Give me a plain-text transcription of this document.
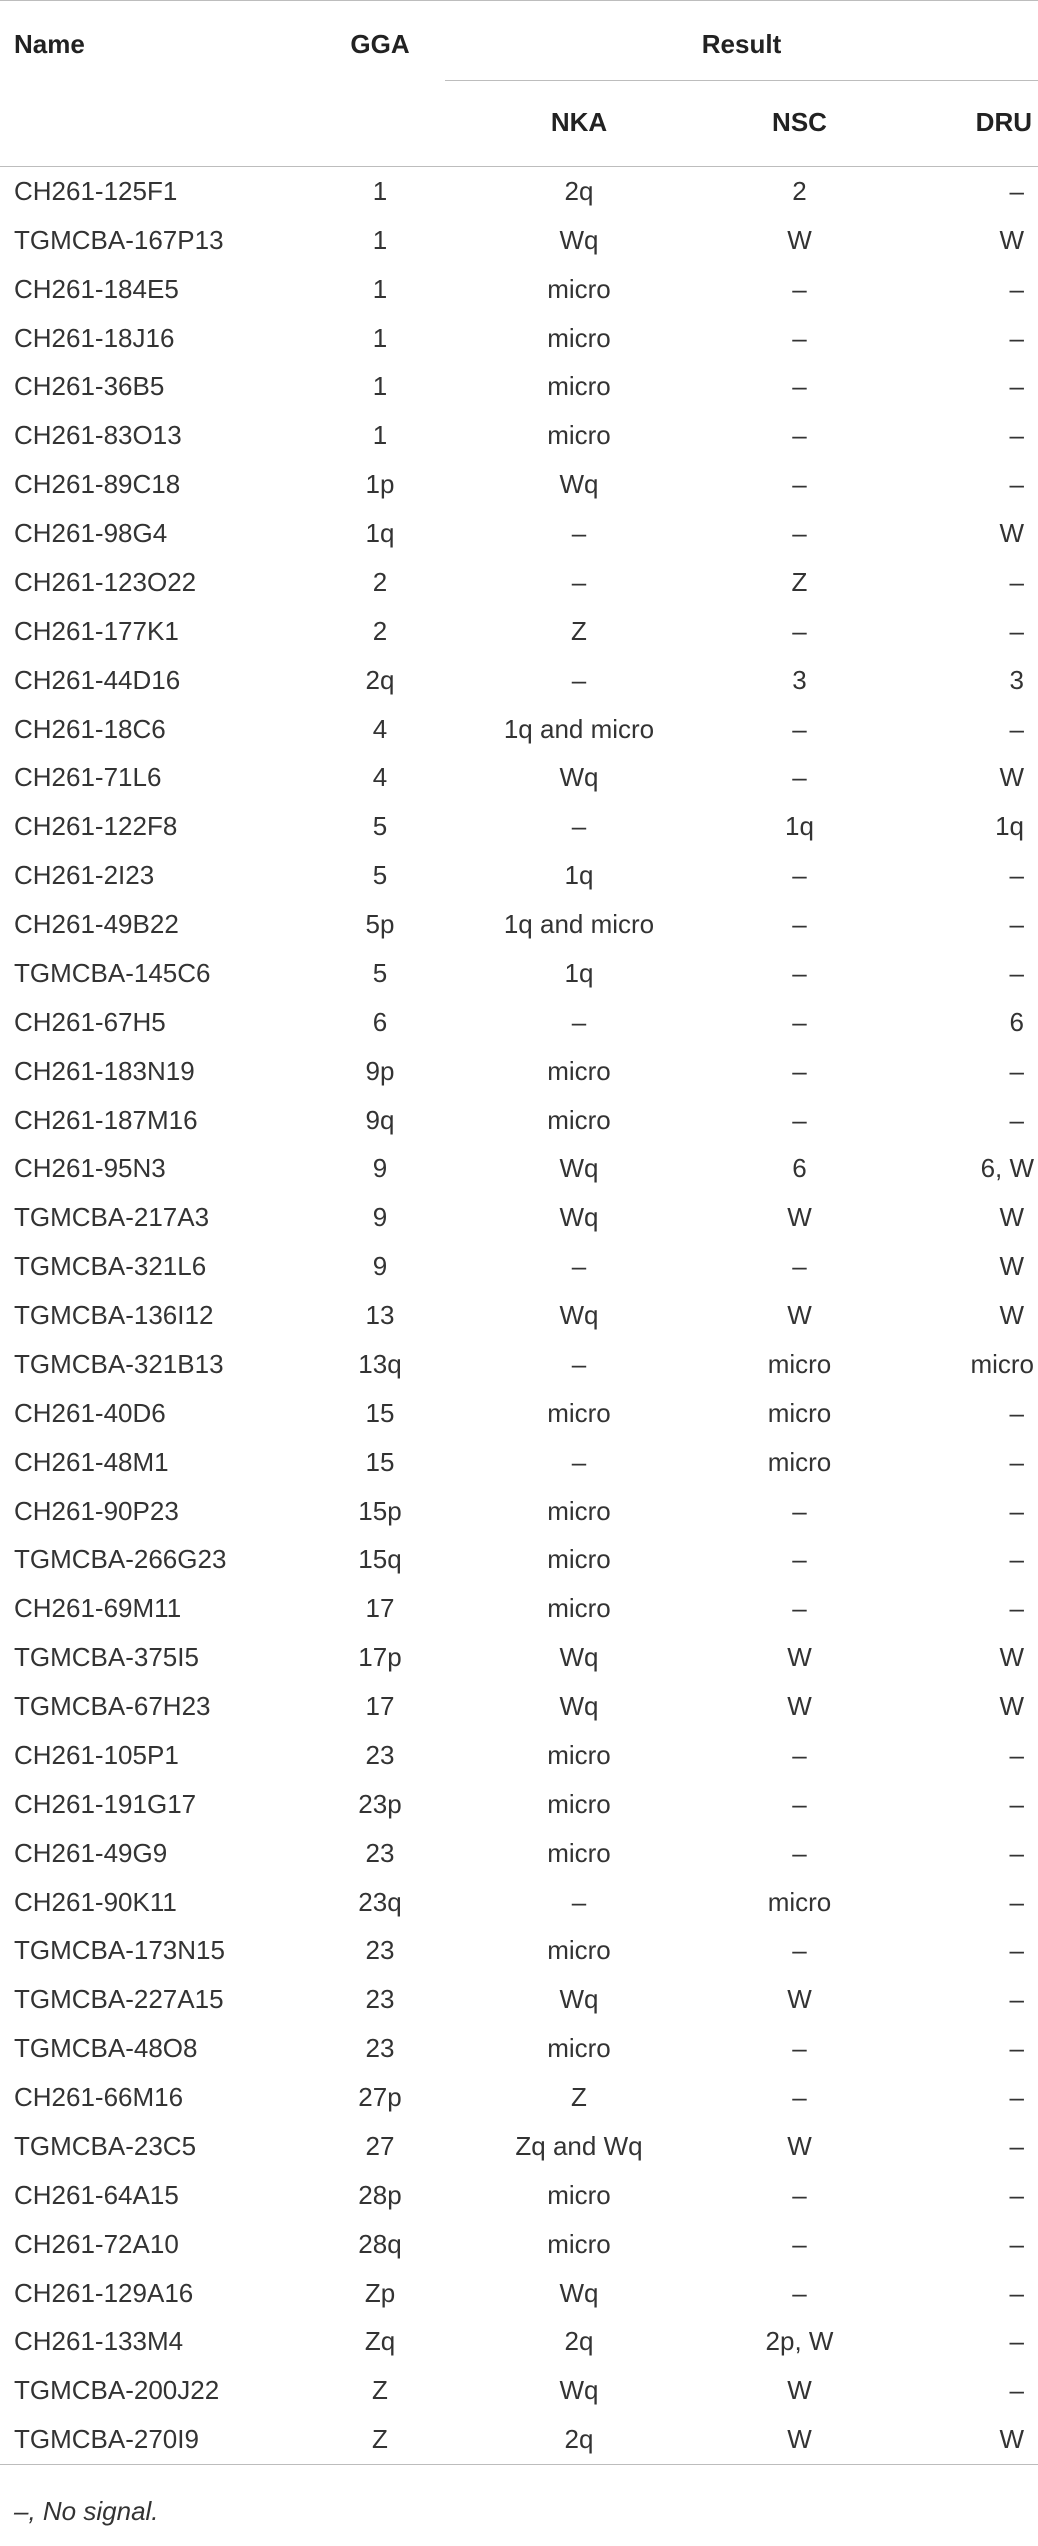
Name	GGA	Result		

		NKA	NSC	DRU

CH261-125F1	1	2q	2	–
TGMCBA-167P13	1	Wq	W	W
CH261-184E5	1	micro	–	–
CH261-18J16	1	micro	–	–
CH261-36B5	1	micro	–	–
CH261-83O13	1	micro	–	–
CH261-89C18	1p	Wq	–	–
CH261-98G4	1q	–	–	W
CH261-123O22	2	–	Z	–
CH261-177K1	2	Z	–	–
CH261-44D16	2q	–	3	3
CH261-18C6	4	1q and micro	–	–
CH261-71L6	4	Wq	–	W
CH261-122F8	5	–	1q	1q
CH261-2I23	5	1q	–	–
CH261-49B22	5p	1q and micro	–	–
TGMCBA-145C6	5	1q	–	–
CH261-67H5	6	–	–	6
CH261-183N19	9p	micro	–	–
CH261-187M16	9q	micro	–	–
CH261-95N3	9	Wq	6	6, W
TGMCBA-217A3	9	Wq	W	W
TGMCBA-321L6	9	–	–	W
TGMCBA-136I12	13	Wq	W	W
TGMCBA-321B13	13q	–	micro	micro
CH261-40D6	15	micro	micro	–
CH261-48M1	15	–	micro	–
CH261-90P23	15p	micro	–	–
TGMCBA-266G23	15q	micro	–	–
CH261-69M11	17	micro	–	–
TGMCBA-375I5	17p	Wq	W	W
TGMCBA-67H23	17	Wq	W	W
CH261-105P1	23	micro	–	–
CH261-191G17	23p	micro	–	–
CH261-49G9	23	micro	–	–
CH261-90K11	23q	–	micro	–
TGMCBA-173N15	23	micro	–	–
TGMCBA-227A15	23	Wq	W	–
TGMCBA-48O8	23	micro	–	–
CH261-66M16	27p	Z	–	–
TGMCBA-23C5	27	Zq and Wq	W	–
CH261-64A15	28p	micro	–	–
CH261-72A10	28q	micro	–	–
CH261-129A16	Zp	Wq	–	–
CH261-133M4	Zq	2q	2p, W	–
TGMCBA-200J22	Z	Wq	W	–
TGMCBA-270I9	Z	2q	W	W
–, No signal.
